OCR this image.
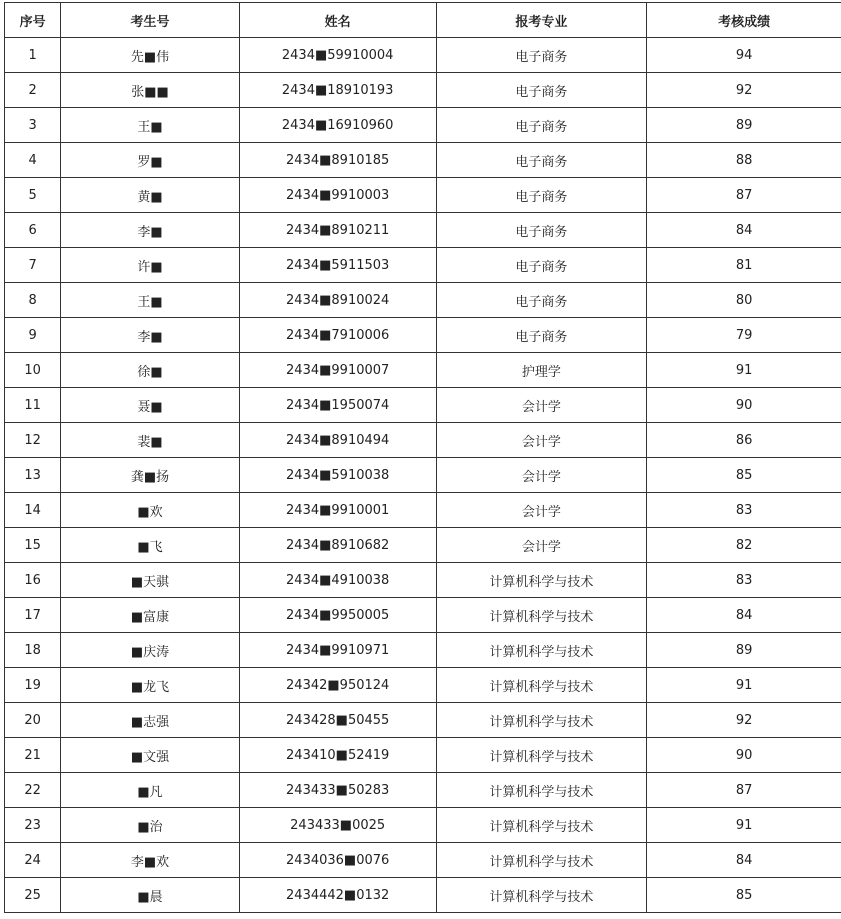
序号	考生号	姓名	报考专业	考核成绩
1	先■伟	2434■59910004	电子商务	94
2	张■■	2434■18910193	电子商务	92
3	王■	2434■16910960	电子商务	89
4	罗■	2434■8910185	电子商务	88
5	黄■	2434■9910003	电子商务	87
6	李■	2434■8910211	电子商务	84
7	许■	2434■5911503	电子商务	81
8	王■	2434■8910024	电子商务	80
9	李■	2434■7910006	电子商务	79
10	徐■	2434■9910007	护理学	91
11	聂■	2434■1950074	会计学	90
12	裴■	2434■8910494	会计学	86
13	龚■扬	2434■5910038	会计学	85
14	■欢	2434■9910001	会计学	83
15	■飞	2434■8910682	会计学	82
16	■天骐	2434■4910038	计算机科学与技术	83
17	■富康	2434■9950005	计算机科学与技术	84
18	■庆涛	2434■9910971	计算机科学与技术	89
19	■龙飞	24342■950124	计算机科学与技术	91
20	■志强	243428■50455	计算机科学与技术	92
21	■文强	243410■52419	计算机科学与技术	90
22	■凡	243433■50283	计算机科学与技术	87
23	■治	243433■0025	计算机科学与技术	91
24	李■欢	2434036■0076	计算机科学与技术	84
25	■晨	2434442■0132	计算机科学与技术	85
